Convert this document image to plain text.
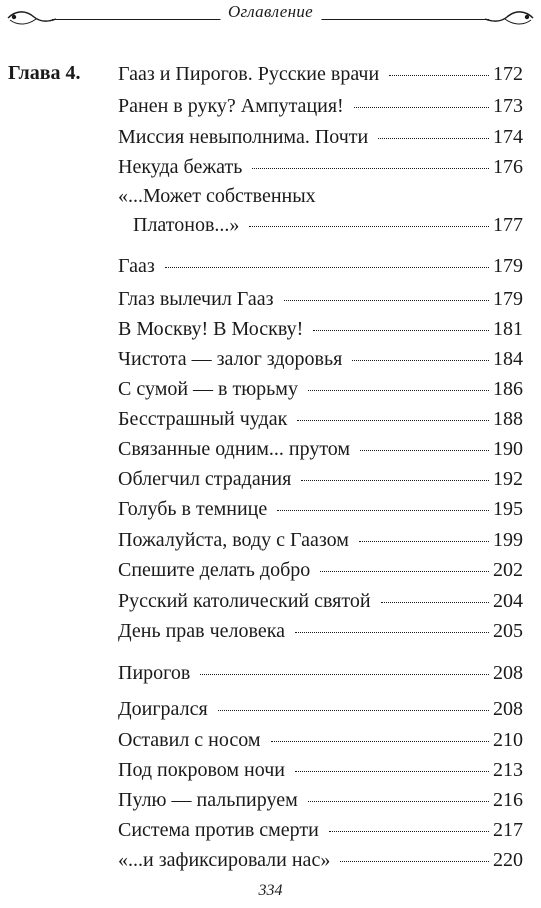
Оглавление
Глава 4. Гааз и Пирогов. Русские врачи	172
Ранен в руку? Ампутация!	173
Миссия невыполнима. Почти	174
Некуда бежать	176
«...Может собственных
Платонов...»	177
Гааз	179
Глаз вылечил Гааз	179
В Москву! В Москву!	181
Чистота — залог здоровья	184
С сумой — в тюрьму	186
Бесстрашный чудак	188
Связанные одним... прутом	190
Облегчил страдания	192
Голубь в темнице	195
Пожалуйста, воду с Гаазом	199
Спешите делать добро	202
Русский католический святой	204
День прав человека	205
Пирогов	208
Доигрался	208
Оставил с носом	210
Под покровом ночи	213
Пулю — пальпируем	216
Система против смерти	217
«...и зафиксировали нас»	220
334
